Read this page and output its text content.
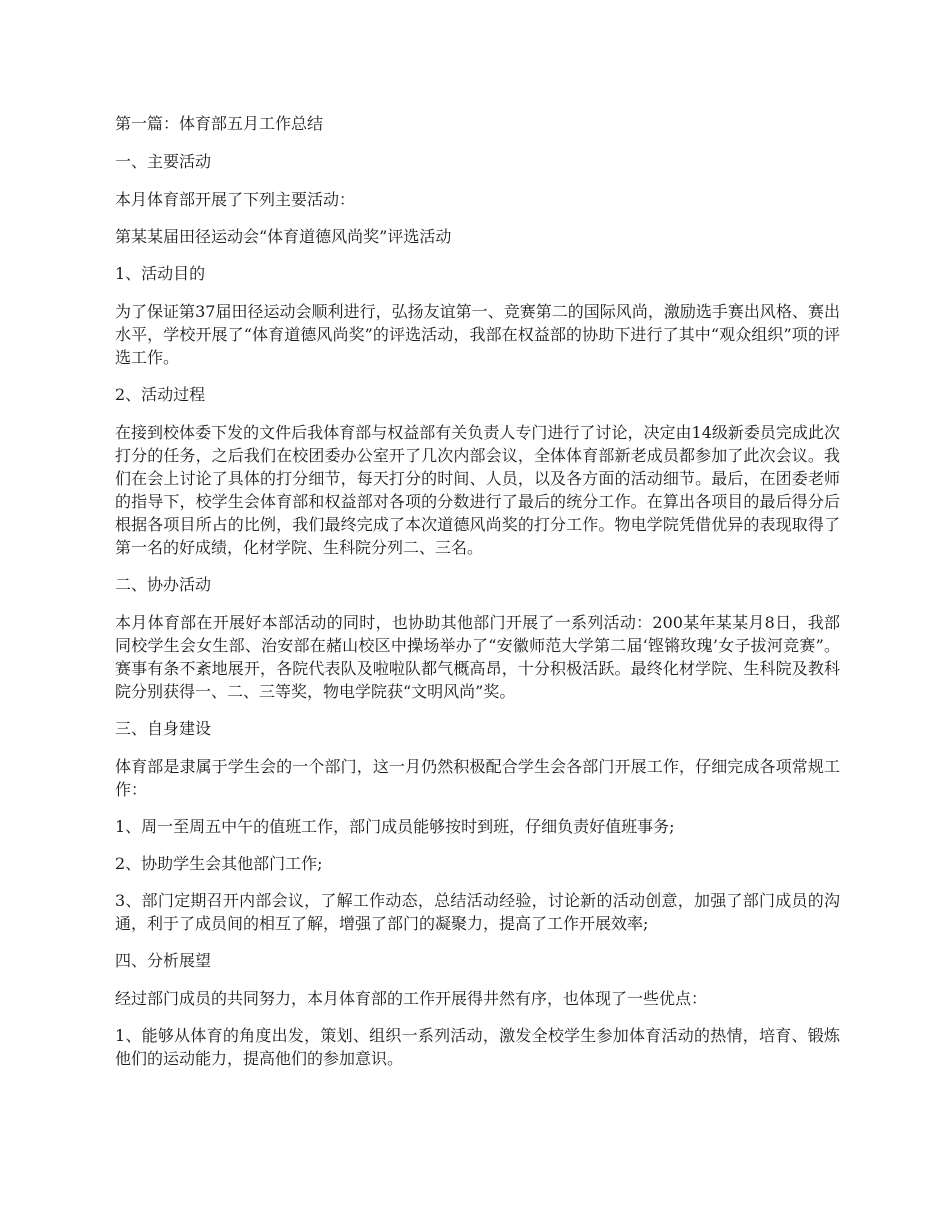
第一篇：体育部五月工作总结

一、主要活动

本月体育部开展了下列主要活动：

第某某届田径运动会“体育道德风尚奖”评选活动

1、活动目的

为了保证第37届田径运动会顺利进行，弘扬友谊第一、竞赛第二的国际风尚，激励选手赛出风格、赛出水平，学校开展了“体育道德风尚奖”的评选活动，我部在权益部的协助下进行了其中“观众组织”项的评选工作。

2、活动过程

在接到校体委下发的文件后我体育部与权益部有关负责人专门进行了讨论，决定由14级新委员完成此次打分的任务，之后我们在校团委办公室开了几次内部会议，全体体育部新老成员都参加了此次会议。我们在会上讨论了具体的打分细节，每天打分的时间、人员，以及各方面的活动细节。最后，在团委老师的指导下，校学生会体育部和权益部对各项的分数进行了最后的统分工作。在算出各项目的最后得分后根据各项目所占的比例，我们最终完成了本次道德风尚奖的打分工作。物电学院凭借优异的表现取得了第一名的好成绩，化材学院、生科院分列二、三名。

二、协办活动

本月体育部在开展好本部活动的同时，也协助其他部门开展了一系列活动：200某年某某月8日，我部同校学生会女生部、治安部在赭山校区中操场举办了“安徽师范大学第二届‘铿锵玫瑰’女子拔河竞赛”。赛事有条不紊地展开，各院代表队及啦啦队都气概高昂，十分积极活跃。最终化材学院、生科院及教科院分别获得一、二、三等奖，物电学院获“文明风尚”奖。

三、自身建设

体育部是隶属于学生会的一个部门，这一月仍然积极配合学生会各部门开展工作，仔细完成各项常规工作：

1、周一至周五中午的值班工作，部门成员能够按时到班，仔细负责好值班事务;

2、协助学生会其他部门工作;

3、部门定期召开内部会议，了解工作动态，总结活动经验，讨论新的活动创意，加强了部门成员的沟通，利于了成员间的相互了解，增强了部门的凝聚力，提高了工作开展效率;

四、分析展望

经过部门成员的共同努力，本月体育部的工作开展得井然有序，也体现了一些优点：

1、能够从体育的角度出发，策划、组织一系列活动，激发全校学生参加体育活动的热情，培育、锻炼他们的运动能力，提高他们的参加意识。
